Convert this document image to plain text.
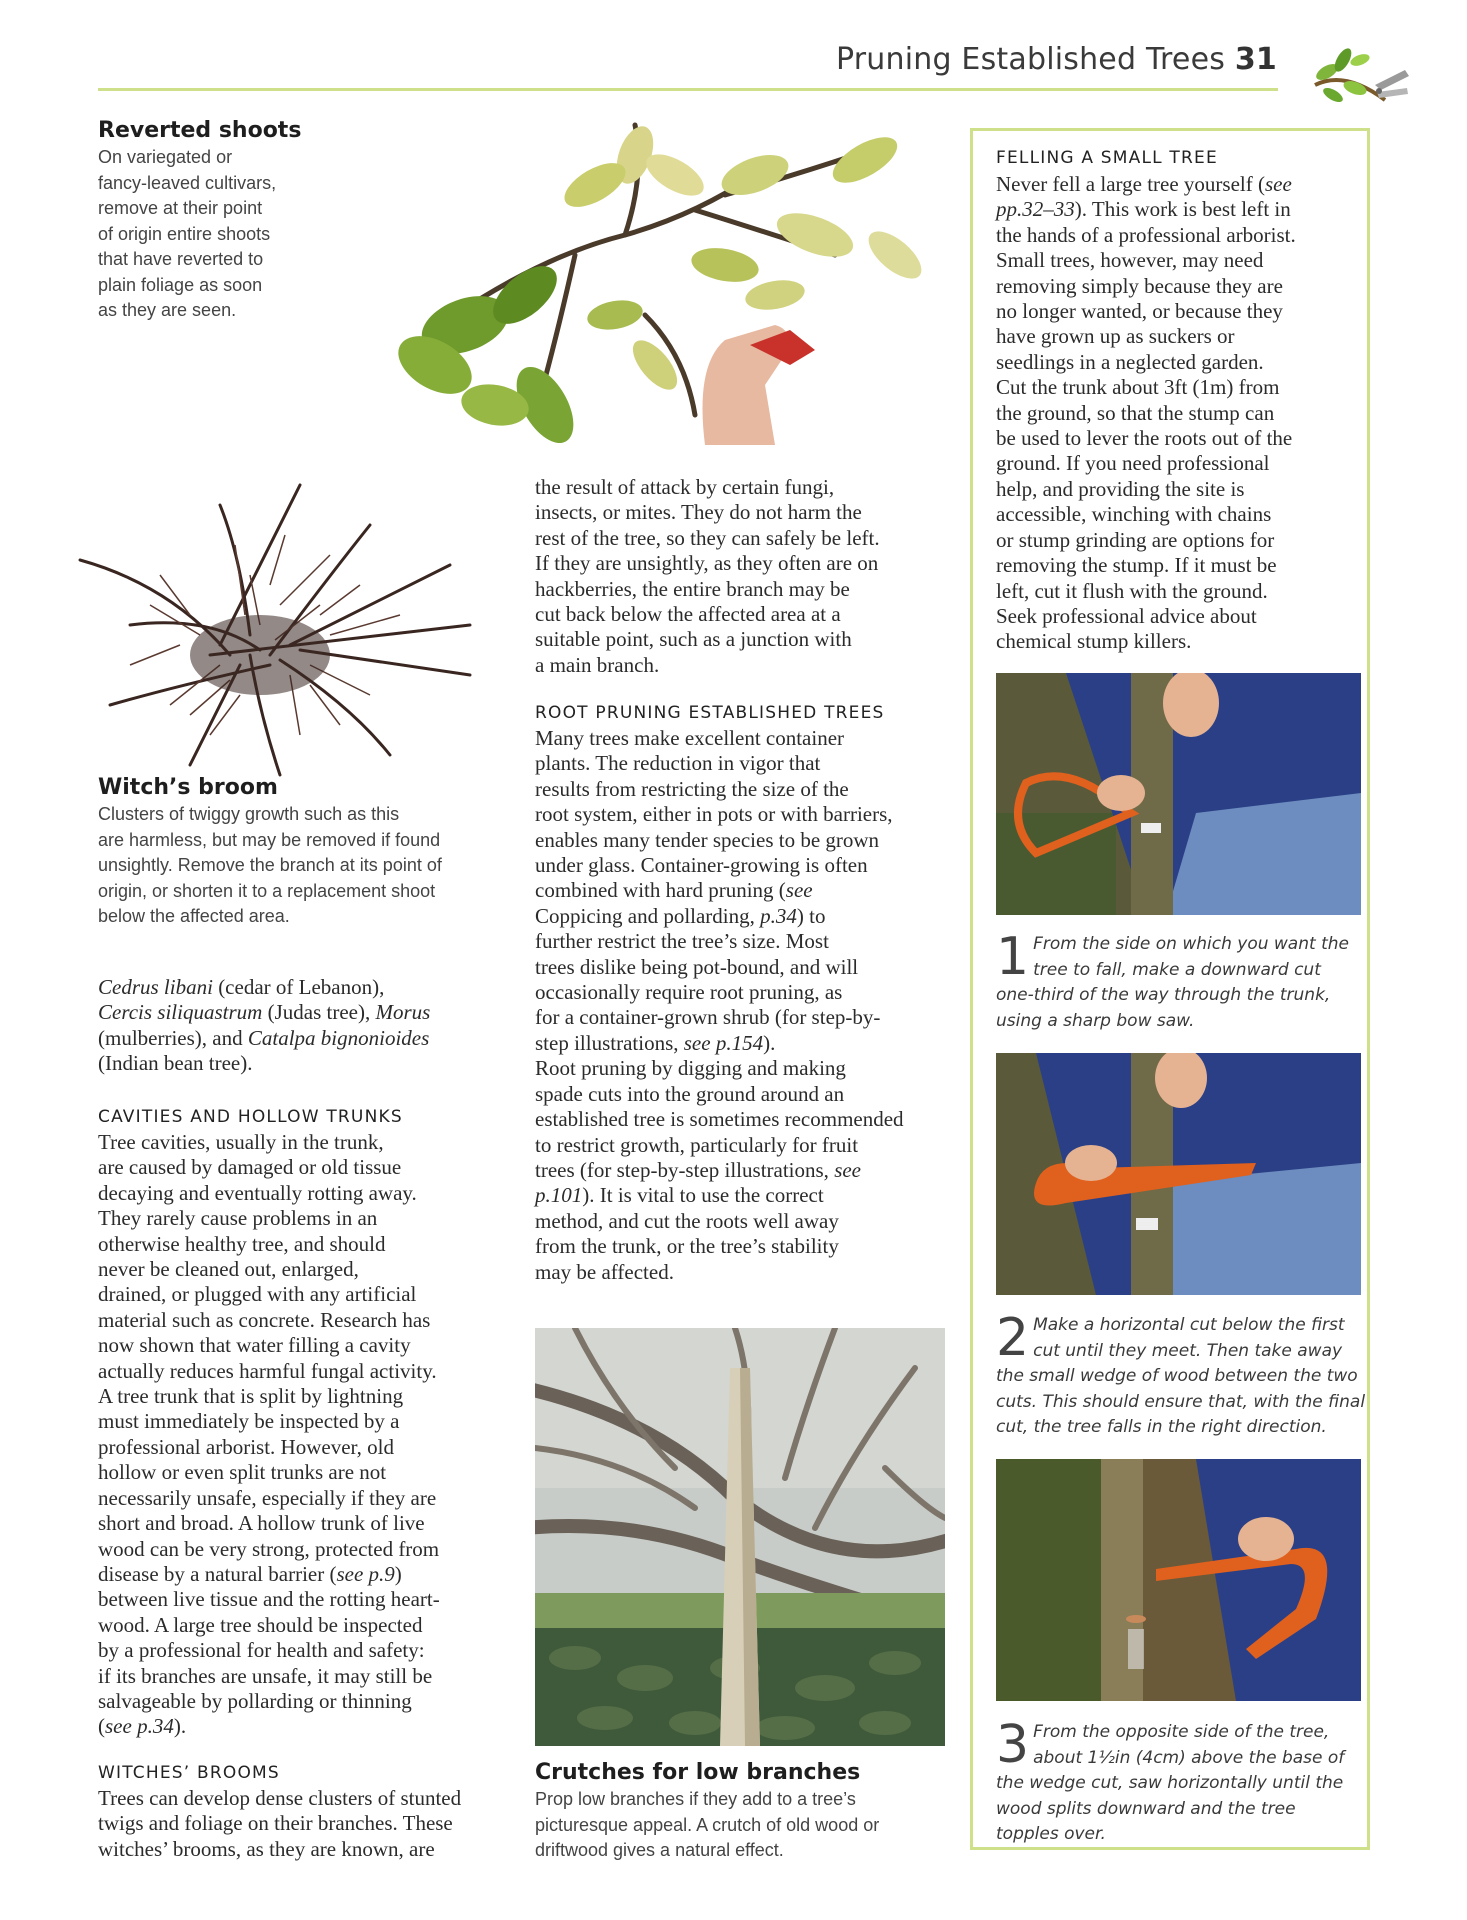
Pruning Established Trees 31
Reverted shoots
On variegated or
fancy-leaved cultivars,
remove at their point
of origin entire shoots
that have reverted to
plain foliage as soon
as they are seen.
Witch’s broom
Clusters of twiggy growth such as this
are harmless, but may be removed if found
unsightly. Remove the branch at its point of
origin, or shorten it to a replacement shoot
below the affected area.
Cedrus libani (cedar of Lebanon),
Cercis siliquastrum (Judas tree), Morus
(mulberries), and Catalpa bignonioides
(Indian bean tree).
CAVITIES AND HOLLOW TRUNKS
Tree cavities, usually in the trunk,
are caused by damaged or old tissue
decaying and eventually rotting away.
They rarely cause problems in an
otherwise healthy tree, and should
never be cleaned out, enlarged,
drained, or plugged with any artificial
material such as concrete. Research has
now shown that water filling a cavity
actually reduces harmful fungal activity.
A tree trunk that is split by lightning
must immediately be inspected by a
professional arborist. However, old
hollow or even split trunks are not
necessarily unsafe, especially if they are
short and broad. A hollow trunk of live
wood can be very strong, protected from
disease by a natural barrier (see p.9)
between live tissue and the rotting heart-
wood. A large tree should be inspected
by a professional for health and safety:
if its branches are unsafe, it may still be
salvageable by pollarding or thinning
(see p.34).
WITCHES’ BROOMS
Trees can develop dense clusters of stunted
twigs and foliage on their branches. These
witches’ brooms, as they are known, are
the result of attack by certain fungi,
insects, or mites. They do not harm the
rest of the tree, so they can safely be left.
If they are unsightly, as they often are on
hackberries, the entire branch may be
cut back below the affected area at a
suitable point, such as a junction with
a main branch.
ROOT PRUNING ESTABLISHED TREES
Many trees make excellent container
plants. The reduction in vigor that
results from restricting the size of the
root system, either in pots or with barriers,
enables many tender species to be grown
under glass. Container-growing is often
combined with hard pruning (see
Coppicing and pollarding, p.34) to
further restrict the tree’s size. Most
trees dislike being pot-bound, and will
occasionally require root pruning, as
for a container-grown shrub (for step-by-
step illustrations, see p.154).
Root pruning by digging and making
spade cuts into the ground around an
established tree is sometimes recommended
to restrict growth, particularly for fruit
trees (for step-by-step illustrations, see
p.101). It is vital to use the correct
method, and cut the roots well away
from the trunk, or the tree’s stability
may be affected.
Crutches for low branches
Prop low branches if they add to a tree’s
picturesque appeal. A crutch of old wood or
driftwood gives a natural effect.
FELLING A SMALL TREE
Never fell a large tree yourself (see
pp.32–33). This work is best left in
the hands of a professional arborist.
Small trees, however, may need
removing simply because they are
no longer wanted, or because they
have grown up as suckers or
seedlings in a neglected garden.
Cut the trunk about 3ft (1m) from
the ground, so that the stump can
be used to lever the roots out of the
ground. If you need professional
help, and providing the site is
accessible, winching with chains
or stump grinding are options for
removing the stump. If it must be
left, cut it flush with the ground.
Seek professional advice about
chemical stump killers.
1 From the side on which you want the tree to fall, make a downward cut one-third of the way through the trunk, using a sharp bow saw.
2 Make a horizontal cut below the first cut until they meet. Then take away the small wedge of wood between the two cuts. This should ensure that, with the final cut, the tree falls in the right direction.
3 From the opposite side of the tree, about 1½in (4cm) above the base of the wedge cut, saw horizontally until the wood splits downward and the tree topples over.
